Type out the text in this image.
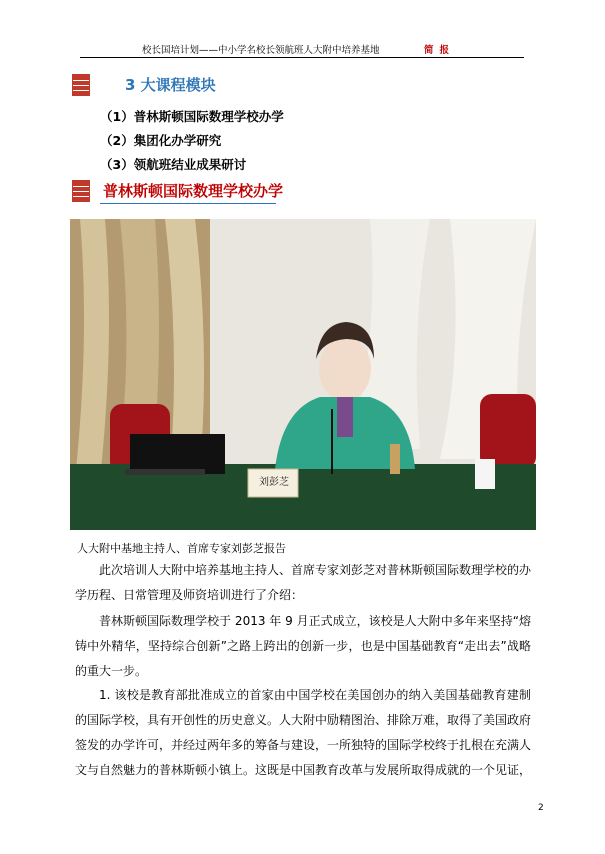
校长国培计划——中小学名校长领航班人大附中培养基地	简报
3 大课程模块
（1）普林斯顿国际数理学校办学
（2）集团化办学研究
（3）领航班结业成果研讨
普林斯顿国际数理学校办学
刘彭芝
人大附中基地主持人、首席专家刘彭芝报告
此次培训人大附中培养基地主持人、首席专家刘彭芝对普林斯顿国际数理学校的办学历程、日常管理及师资培训进行了介绍：
普林斯顿国际数理学校于 2013 年 9 月正式成立，该校是人大附中多年来坚持“熔铸中外精华，坚持综合创新”之路上跨出的创新一步，也是中国基础教育“走出去”战略的重大一步。
1. 该校是教育部批准成立的首家由中国学校在美国创办的纳入美国基础教育建制的国际学校，具有开创性的历史意义。人大附中励精图治、排除万难，取得了美国政府签发的办学许可，并经过两年多的筹备与建设，一所独特的国际学校终于扎根在充满人文与自然魅力的普林斯顿小镇上。这既是中国教育改革与发展所取得成就的一个见证，
2
